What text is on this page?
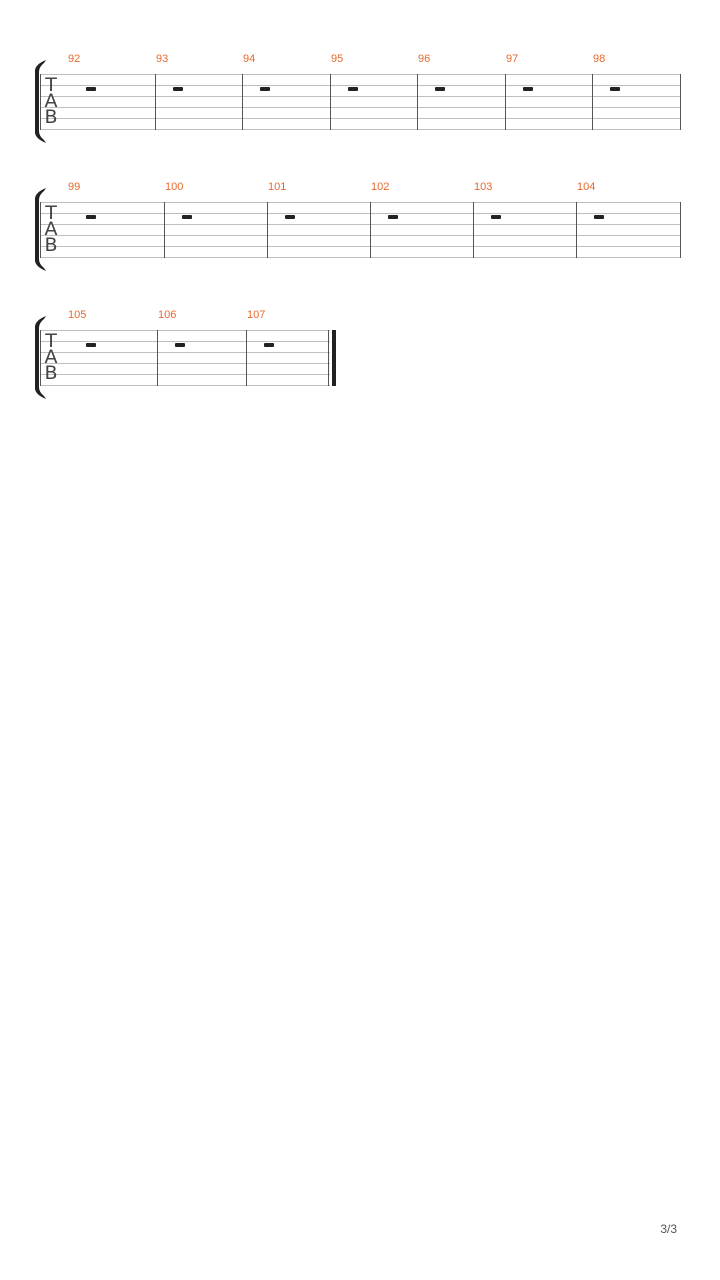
T
A
B
92	93	94	95	96	97	98
T
A
B
99	100	101	102	103	104
T
A
B
105	106	107
3/3
